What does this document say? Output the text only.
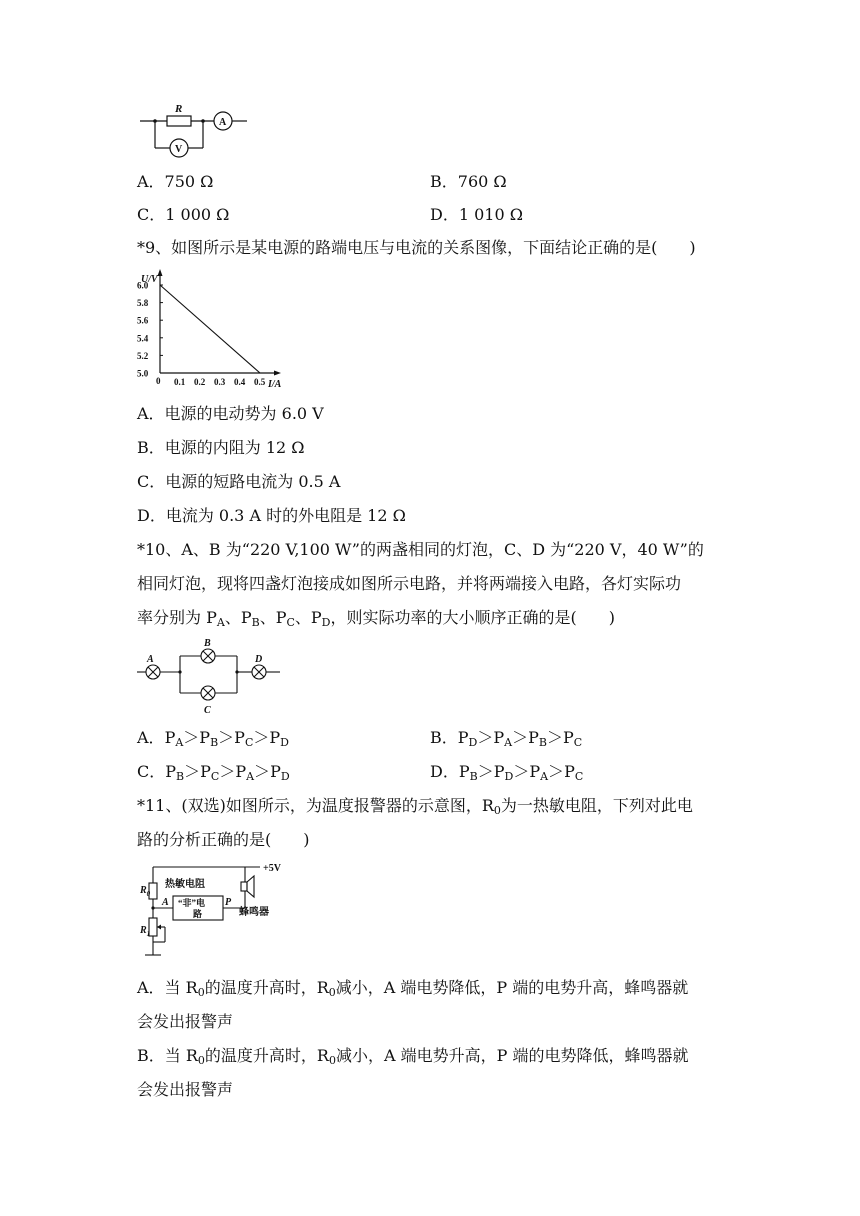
R
A
V
A．750 Ω	B．760 Ω
C．1 000 Ω	D．1 010 Ω
*9、如图所示是某电源的路端电压与电流的关系图像，下面结论正确的是(　　)
U/V
I/A
0
5.0
5.2
5.4
5.6
5.8
6.0
0.1 0.2 0.3 0.4 0.5
A．电源的电动势为 6.0 V
B．电源的内阻为 12 Ω
C．电源的短路电流为 0.5 A
D．电流为 0.3 A 时的外电阻是 12 Ω
*10、A、B 为“220 V,100 W”的两盏相同的灯泡，C、D 为“220 V，40 W”的
相同灯泡，现将四盏灯泡接成如图所示电路，并将两端接入电路，各灯实际功
率分别为 $P_A$、$P_B$、$P_C$、$P_D$，则实际功率的大小顺序正确的是(　　)
A
B
C
D
A．$P_A>P_B>P_C>P_D$	B．$P_D>P_A>P_B>P_C$
C．$P_B>P_C>P_A>P_D$	D．$P_B>P_D>P_A>P_C$
*11、(双选)如图所示，为温度报警器的示意图，$R_0$为一热敏电阻，下列对此电
路的分析正确的是(　　)
+5V
$R_0$
热敏电阻
A “非”电
路
P
蜂鸣器
$R_1$
A．当 $R_0$的温度升高时，$R_0$减小，A 端电势降低，P 端的电势升高，蜂鸣器就
会发出报警声
B．当 $R_0$的温度升高时，$R_0$减小，A 端电势升高，P 端的电势降低，蜂鸣器就
会发出报警声
